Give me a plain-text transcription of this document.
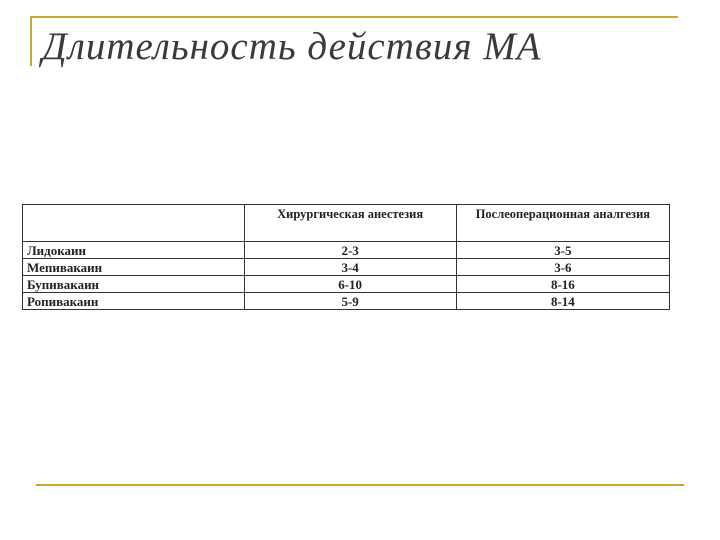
Длительность действия МА
	Хирургическая анестезия	Послеоперационная аналгезия
Лидокаин	2-3	3-5
Мепивакаин	3-4	3-6
Бупивакаин	6-10	8-16
Ропивакаин	5-9	8-14
